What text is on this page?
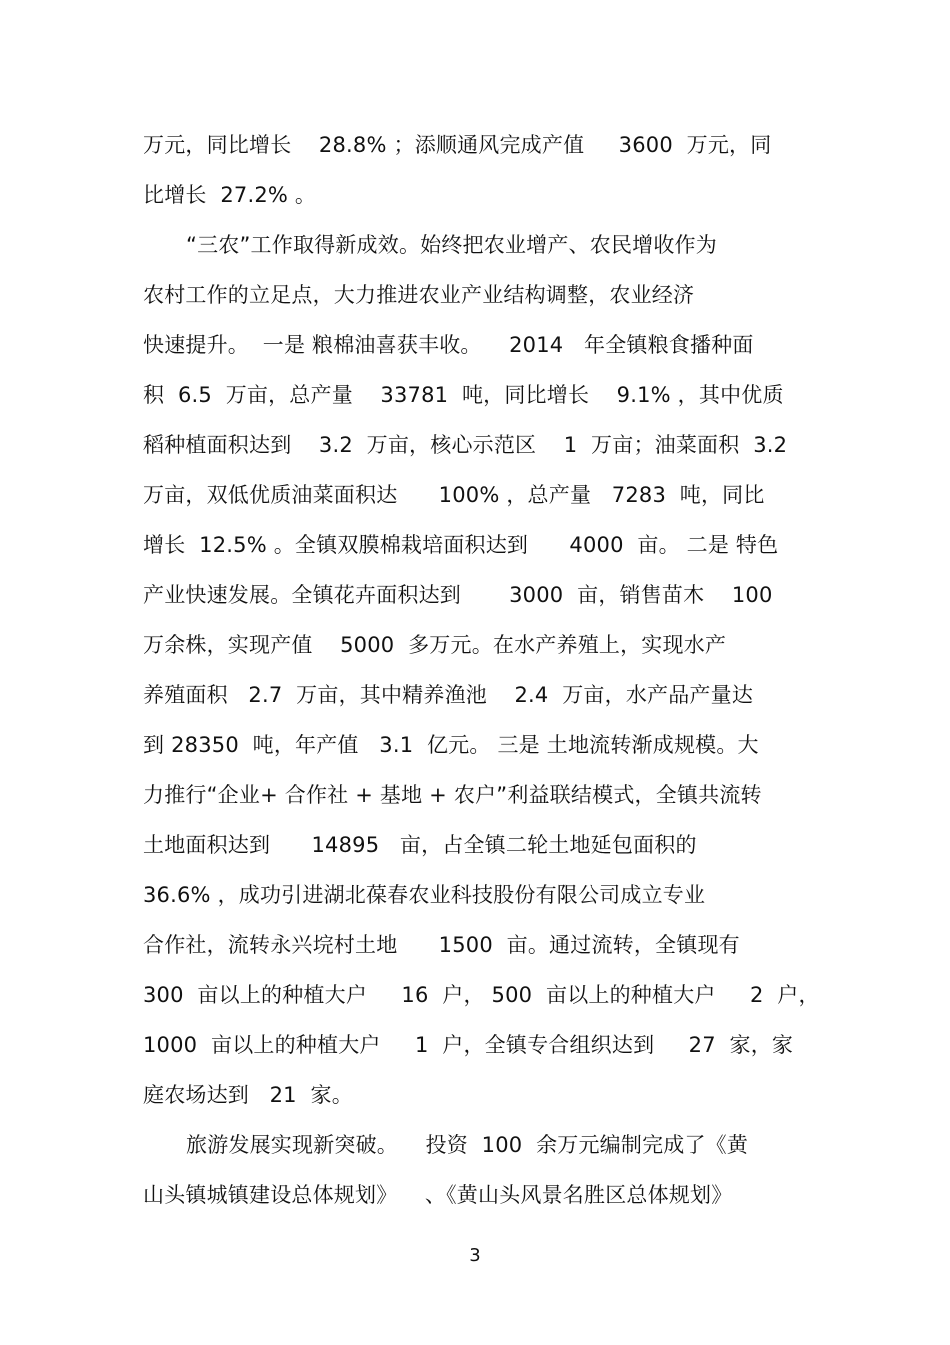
万元，同比增长    28.8% ；添顺通风完成产值     3600  万元，同
比增长  27.2% 。
“三农”工作取得新成效。始终把农业增产、农民增收作为
农村工作的立足点，大力推进农业产业结构调整，农业经济
快速提升。  一是 粮棉油喜获丰收。    2014   年全镇粮食播种面
积  6.5  万亩，总产量    33781  吨，同比增长    9.1% ，其中优质
稻种植面积达到    3.2  万亩，核心示范区    1  万亩；油菜面积  3.2
万亩，双低优质油菜面积达      100% ，总产量   7283  吨，同比
增长  12.5% 。全镇双膜棉栽培面积达到      4000  亩。 二是 特色
产业快速发展。全镇花卉面积达到       3000  亩，销售苗木    100
万余株，实现产值    5000  多万元。在水产养殖上，实现水产
养殖面积   2.7  万亩，其中精养渔池    2.4  万亩，水产品产量达
到 28350  吨，年产值   3.1  亿元。 三是 土地流转渐成规模。大
力推行“企业+ 合作社 + 基地 + 农户”利益联结模式，全镇共流转
土地面积达到      14895   亩，占全镇二轮土地延包面积的
36.6% ，成功引进湖北葆春农业科技股份有限公司成立专业
合作社，流转永兴垸村土地      1500  亩。通过流转，全镇现有
300  亩以上的种植大户     16  户， 500  亩以上的种植大户     2  户，
1000  亩以上的种植大户     1  户，全镇专合组织达到     27  家，家
庭农场达到   21  家。
旅游发展实现新突破。    投资  100  余万元编制完成了《黄
山头镇城镇建设总体规划》    、《黄山头风景名胜区总体规划》
3
